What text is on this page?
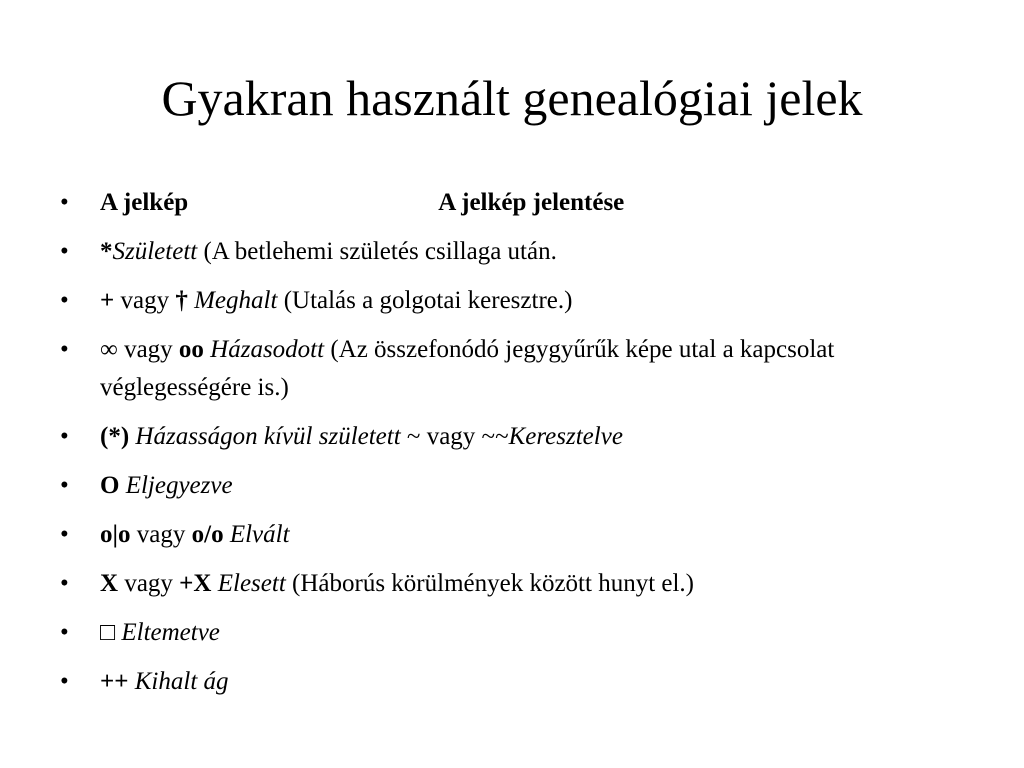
Gyakran használt genealógiai jelek
• A jelkép	A jelkép jelentése
• *Született (A betlehemi születés csillaga után.
• + vagy † Meghalt (Utalás a golgotai keresztre.)
• ∞ vagy oo Házasodott (Az összefonódó jegygyűrűk képe utal a kapcsolat véglegességére is.)
• (*) Házasságon kívül született ~ vagy ~~Keresztelve
• O Eljegyezve
• o|o vagy o/o Elvált
• X vagy +X Elesett (Háborús körülmények között hunyt el.)
• □ Eltemetve
• ++ Kihalt ág
